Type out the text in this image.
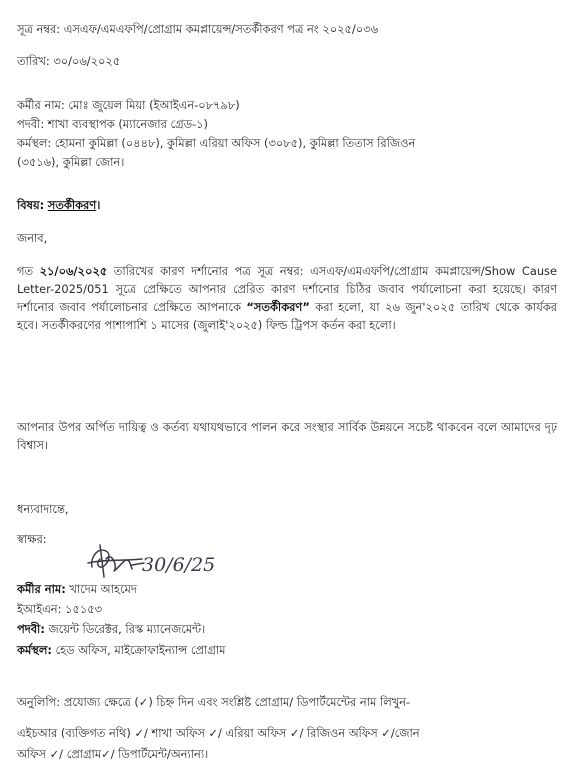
সূত্র নম্বর: এসএফ/এমএফপি/প্রোগ্রাম কমপ্লায়েন্স/সতর্কীকরণ পত্র নং ২০২৫/০৩৬
তারিখ: ৩০/০৬/২০২৫
কর্মীর নাম: মোঃ জুয়েল মিয়া (ইআইএন-০৮৭৯৮)
পদবী: শাখা ব্যবস্থাপক (ম্যানেজার গ্রেড-১)
কর্মস্থল: হোমনা কুমিল্লা (০৪৪৮), কুমিল্লা এরিয়া অফিস (৩০৮৫), কুমিল্লা তিতাস রিজিওন
(৩৫১৬), কুমিল্লা জোন।
বিষয়: সতর্কীকরণ।
জনাব,
গত ২১/০৬/২০২৫ তারিখের কারণ দর্শানোর পত্র সূত্র নম্বর: এসএফ/এমএফপি/প্রোগ্রাম কমপ্লায়েন্স/Show Cause Letter-2025/051 সূত্রে প্রেক্ষিতে আপনার প্রেরিত কারণ দর্শানোর চিঠির জবাব পর্যালোচনা করা হয়েছে। কারণ দর্শানোর জবাব পর্যালোচনার প্রেক্ষিতে আপনাকে “সতর্কীকরণ” করা হলো, যা ২৬ জুন'২০২৫ তারিখ থেকে কার্যকর হবে। সতর্কীকরণের পাশাপাশি ১ মাসের (জুলাই'২০২৫) ফিল্ড ট্রিপস কর্তন করা হলো।
আপনার উপর অর্পিত দায়িত্ব ও কর্তব্য যথাযথভাবে পালন করে সংস্থার সার্বিক উন্নয়নে সচেষ্ট থাকবেন বলে আমাদের দৃঢ় বিশ্বাস।
ধন্যবাদান্তে,
স্বাক্ষর:
30/6/25
কর্মীর নাম: খাদেম আহমেদ
ইআইএন: ১৫১৫৩
পদবী: জয়েন্ট ডিরেক্টর, রিস্ক ম্যানেজমেন্ট।
কর্মস্থল: হেড অফিস, মাইক্রোফাইন্যান্স প্রোগ্রাম
অনুলিপি: প্রযোজ্য ক্ষেত্রে (✓) চিহ্ন দিন এবং সংশ্লিষ্ট প্রোগ্রাম/ ডিপার্টমেন্টের নাম লিখুন-
এইচআর (ব্যক্তিগত নথি) ✓/ শাখা অফিস ✓/ এরিয়া অফিস ✓/ রিজিওন অফিস ✓/জোন
অফিস ✓/ প্রোগ্রাম✓/ ডিপার্টমেন্ট/অন্যান্য।
